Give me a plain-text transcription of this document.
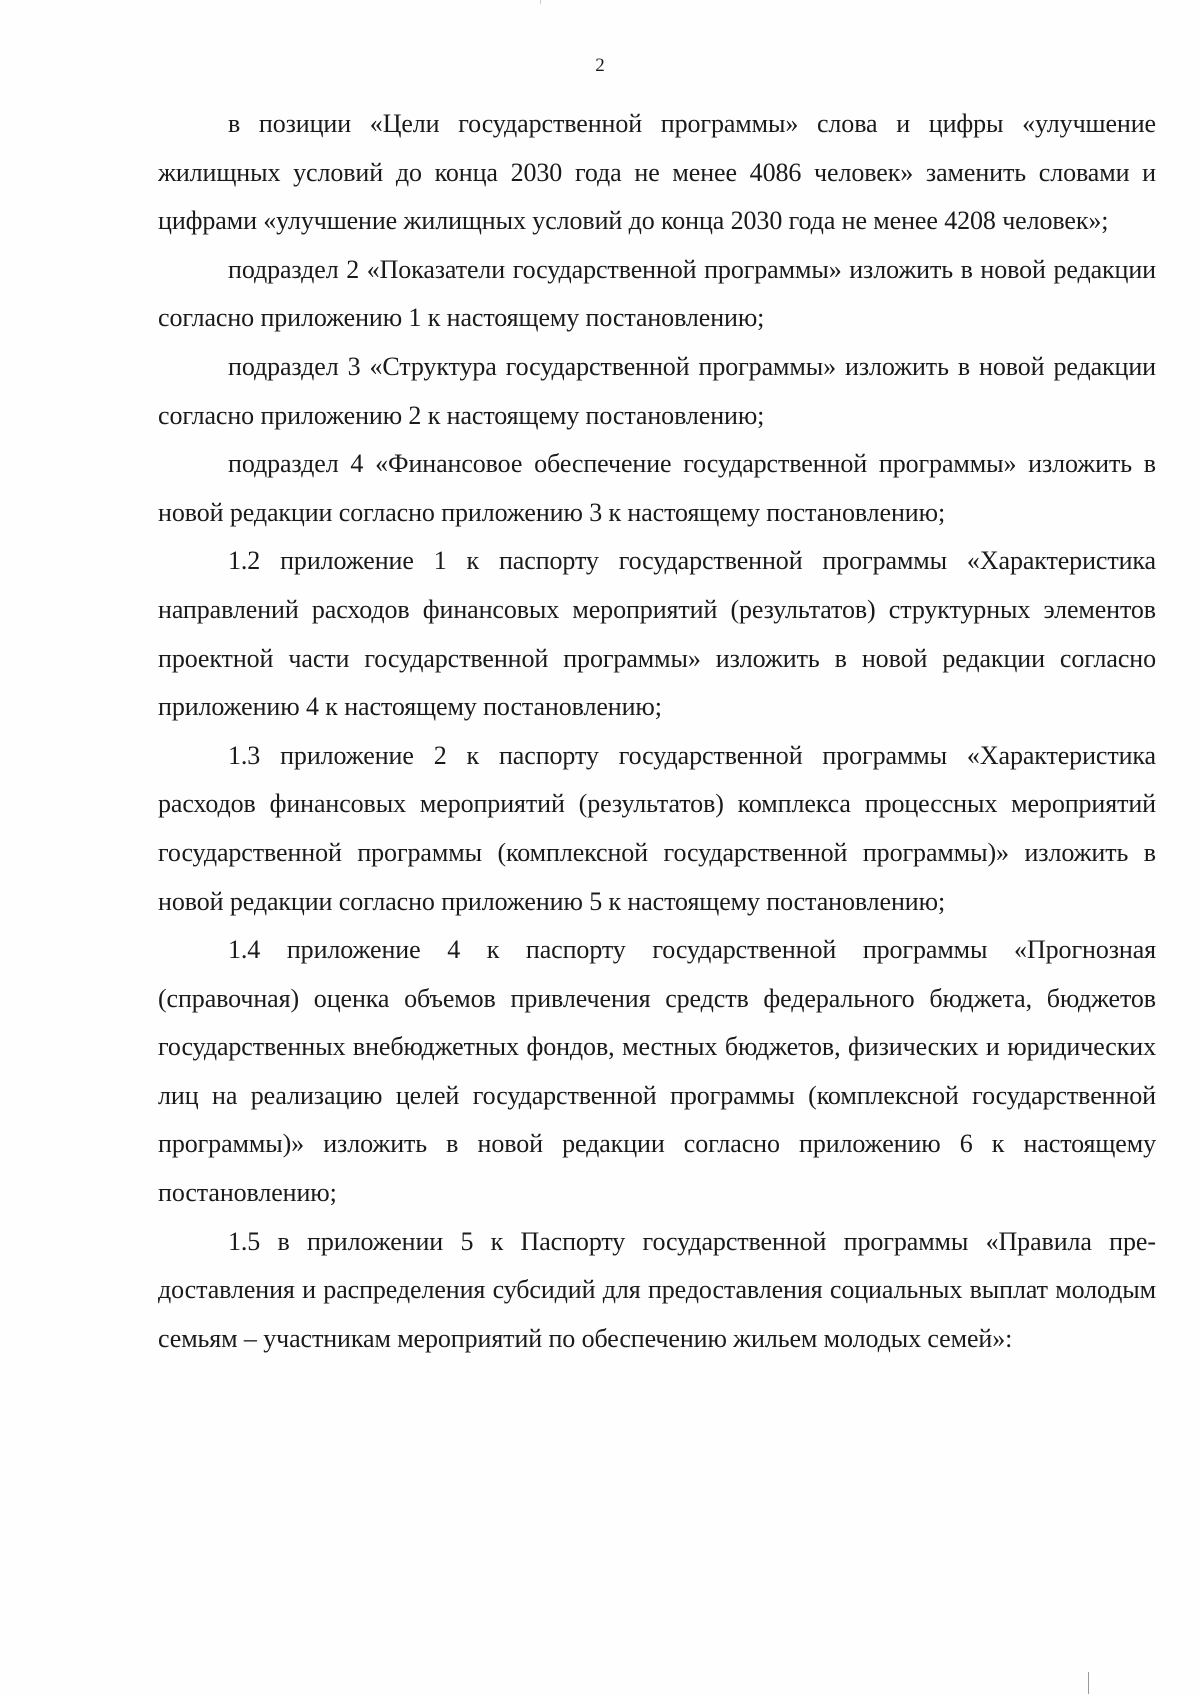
2

в позиции «Цели государственной программы» слова и цифры «улучшение жилищных условий до конца 2030 года не менее 4086 человек» заменить словами и цифрами «улучшение жилищных условий до конца 2030 года не менее 4208 человек»;

подраздел 2 «Показатели государственной программы» изложить в новой редакции согласно приложению 1 к настоящему постановлению;

подраздел 3 «Структура государственной программы» изложить в новой редакции согласно приложению 2 к настоящему постановлению;

подраздел 4 «Финансовое обеспечение государственной программы» изложить в новой редакции согласно приложению 3 к настоящему постановлению;

1.2 приложение 1 к паспорту государственной программы «Характеристика направлений расходов финансовых мероприятий (результатов) структурных элементов проектной части государственной программы» изложить в новой редакции согласно приложению 4 к настоящему постановлению;

1.3 приложение 2 к паспорту государственной программы «Характеристика расходов финансовых мероприятий (результатов) комплекса процессных мероприятий государственной программы (комплексной государственной программы)» изложить в новой редакции согласно приложению 5 к настоящему постановлению;

1.4 приложение 4 к паспорту государственной программы «Прогнозная (справочная) оценка объемов привлечения средств федерального бюджета, бюджетов государственных внебюджетных фондов, местных бюджетов, физических и юридических лиц на реализацию целей государственной программы (комплексной государственной программы)» изложить в новой редакции согласно приложению 6 к настоящему постановлению;

1.5 в приложении 5 к Паспорту государственной программы «Правила предоставления и распределения субсидий для предоставления социальных выплат молодым семьям – участникам мероприятий по обеспечению жильем молодых семей»:
